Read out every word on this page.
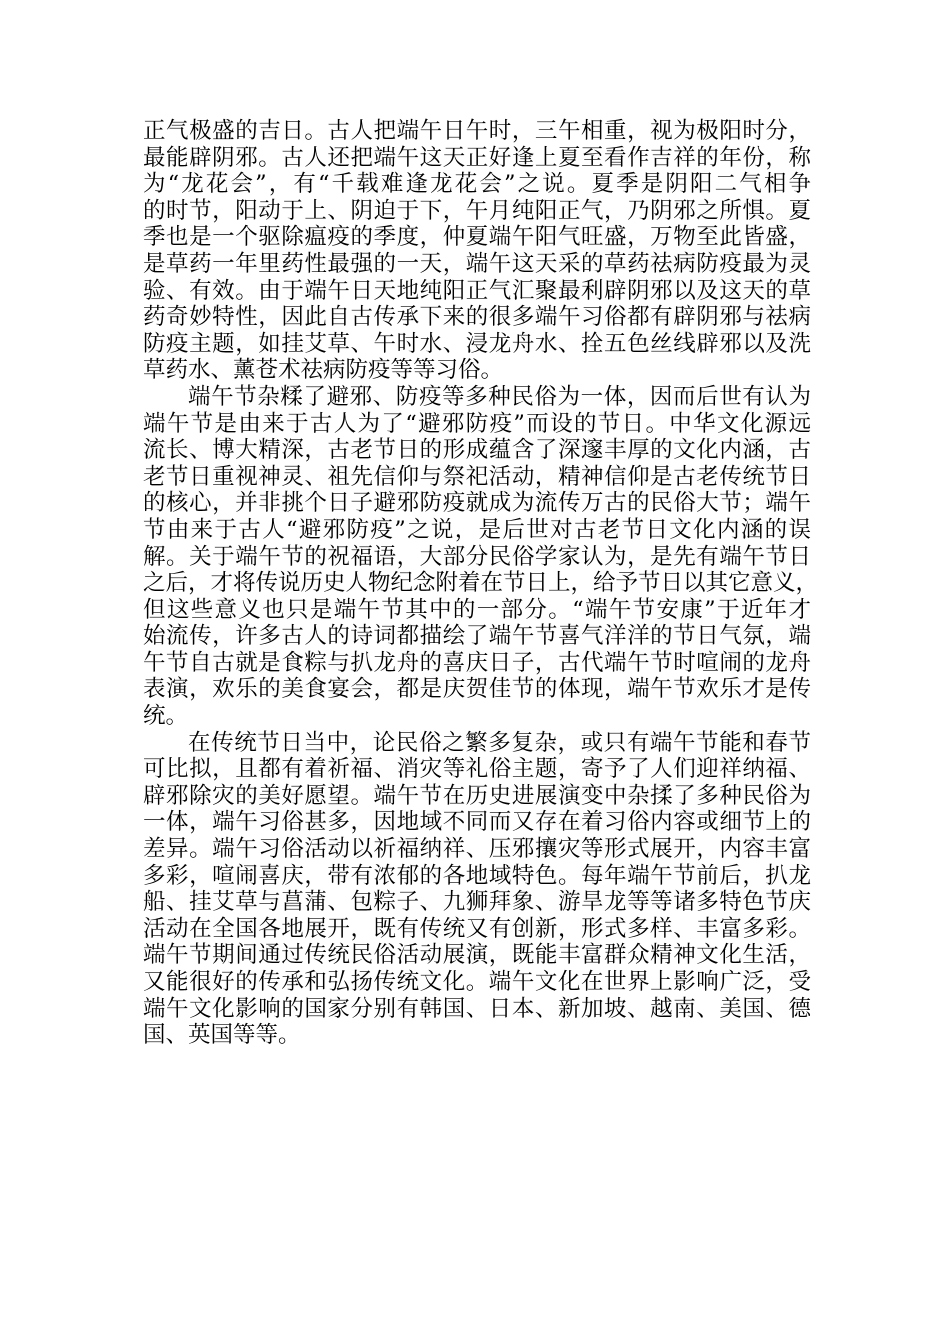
正气极盛的吉日。古人把端午日午时，三午相重，视为极阳时分，
最能辟阴邪。古人还把端午这天正好逢上夏至看作吉祥的年份，称
为“龙花会”，有“千载难逢龙花会”之说。夏季是阴阳二气相争
的时节，阳动于上、阴迫于下，午月纯阳正气，乃阴邪之所惧。夏
季也是一个驱除瘟疫的季度，仲夏端午阳气旺盛，万物至此皆盛，
是草药一年里药性最强的一天，端午这天采的草药祛病防疫最为灵
验、有效。由于端午日天地纯阳正气汇聚最利辟阴邪以及这天的草
药奇妙特性，因此自古传承下来的很多端午习俗都有辟阴邪与祛病
防疫主题，如挂艾草、午时水、浸龙舟水、拴五色丝线辟邪以及洗
草药水、薰苍术祛病防疫等等习俗。
端午节杂糅了避邪、防疫等多种民俗为一体，因而后世有认为
端午节是由来于古人为了“避邪防疫”而设的节日。中华文化源远
流长、博大精深，古老节日的形成蕴含了深邃丰厚的文化内涵，古
老节日重视神灵、祖先信仰与祭祀活动，精神信仰是古老传统节日
的核心，并非挑个日子避邪防疫就成为流传万古的民俗大节；端午
节由来于古人“避邪防疫”之说，是后世对古老节日文化内涵的误
解。关于端午节的祝福语，大部分民俗学家认为，是先有端午节日
之后，才将传说历史人物纪念附着在节日上，给予节日以其它意义，
但这些意义也只是端午节其中的一部分。“端午节安康”于近年才
始流传，许多古人的诗词都描绘了端午节喜气洋洋的节日气氛，端
午节自古就是食粽与扒龙舟的喜庆日子，古代端午节时喧闹的龙舟
表演，欢乐的美食宴会，都是庆贺佳节的体现，端午节欢乐才是传
统。
在传统节日当中，论民俗之繁多复杂，或只有端午节能和春节
可比拟，且都有着祈福、消灾等礼俗主题，寄予了人们迎祥纳福、
辟邪除灾的美好愿望。端午节在历史进展演变中杂揉了多种民俗为
一体，端午习俗甚多，因地域不同而又存在着习俗内容或细节上的
差异。端午习俗活动以祈福纳祥、压邪攘灾等形式展开，内容丰富
多彩，喧闹喜庆，带有浓郁的各地域特色。每年端午节前后，扒龙
船、挂艾草与菖蒲、包粽子、九狮拜象、游旱龙等等诸多特色节庆
活动在全国各地展开，既有传统又有创新，形式多样、丰富多彩。
端午节期间通过传统民俗活动展演，既能丰富群众精神文化生活，
又能很好的传承和弘扬传统文化。端午文化在世界上影响广泛，受
端午文化影响的国家分别有韩国、日本、新加坡、越南、美国、德
国、英国等等。
